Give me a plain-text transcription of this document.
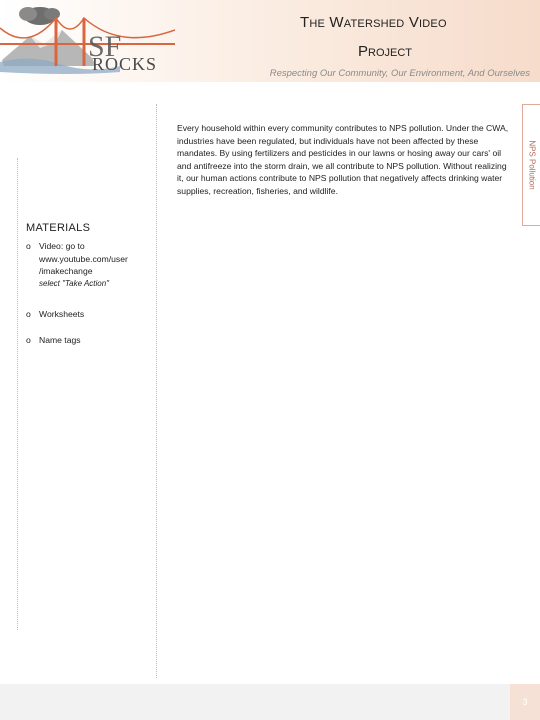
SF
ROCKS
The Watershed Video
Project
Respecting Our Community, Our Environment, And Ourselves
NPS Pollution
Every household within every community contributes to NPS pollution. Under the CWA, industries have been regulated, but individuals have not been affected by these mandates. By using fertilizers and pesticides in our lawns or hosing away our cars' oil and antifreeze into the storm drain, we all contribute to NPS pollution. Without realizing it, our human actions contribute to NPS pollution that negatively affects drinking water supplies, recreation, fisheries, and wildlife.
MATERIALS
o Video: go to www.youtube.com/user /imakechange
select "Take Action"
o Worksheets
o Name tags
3
